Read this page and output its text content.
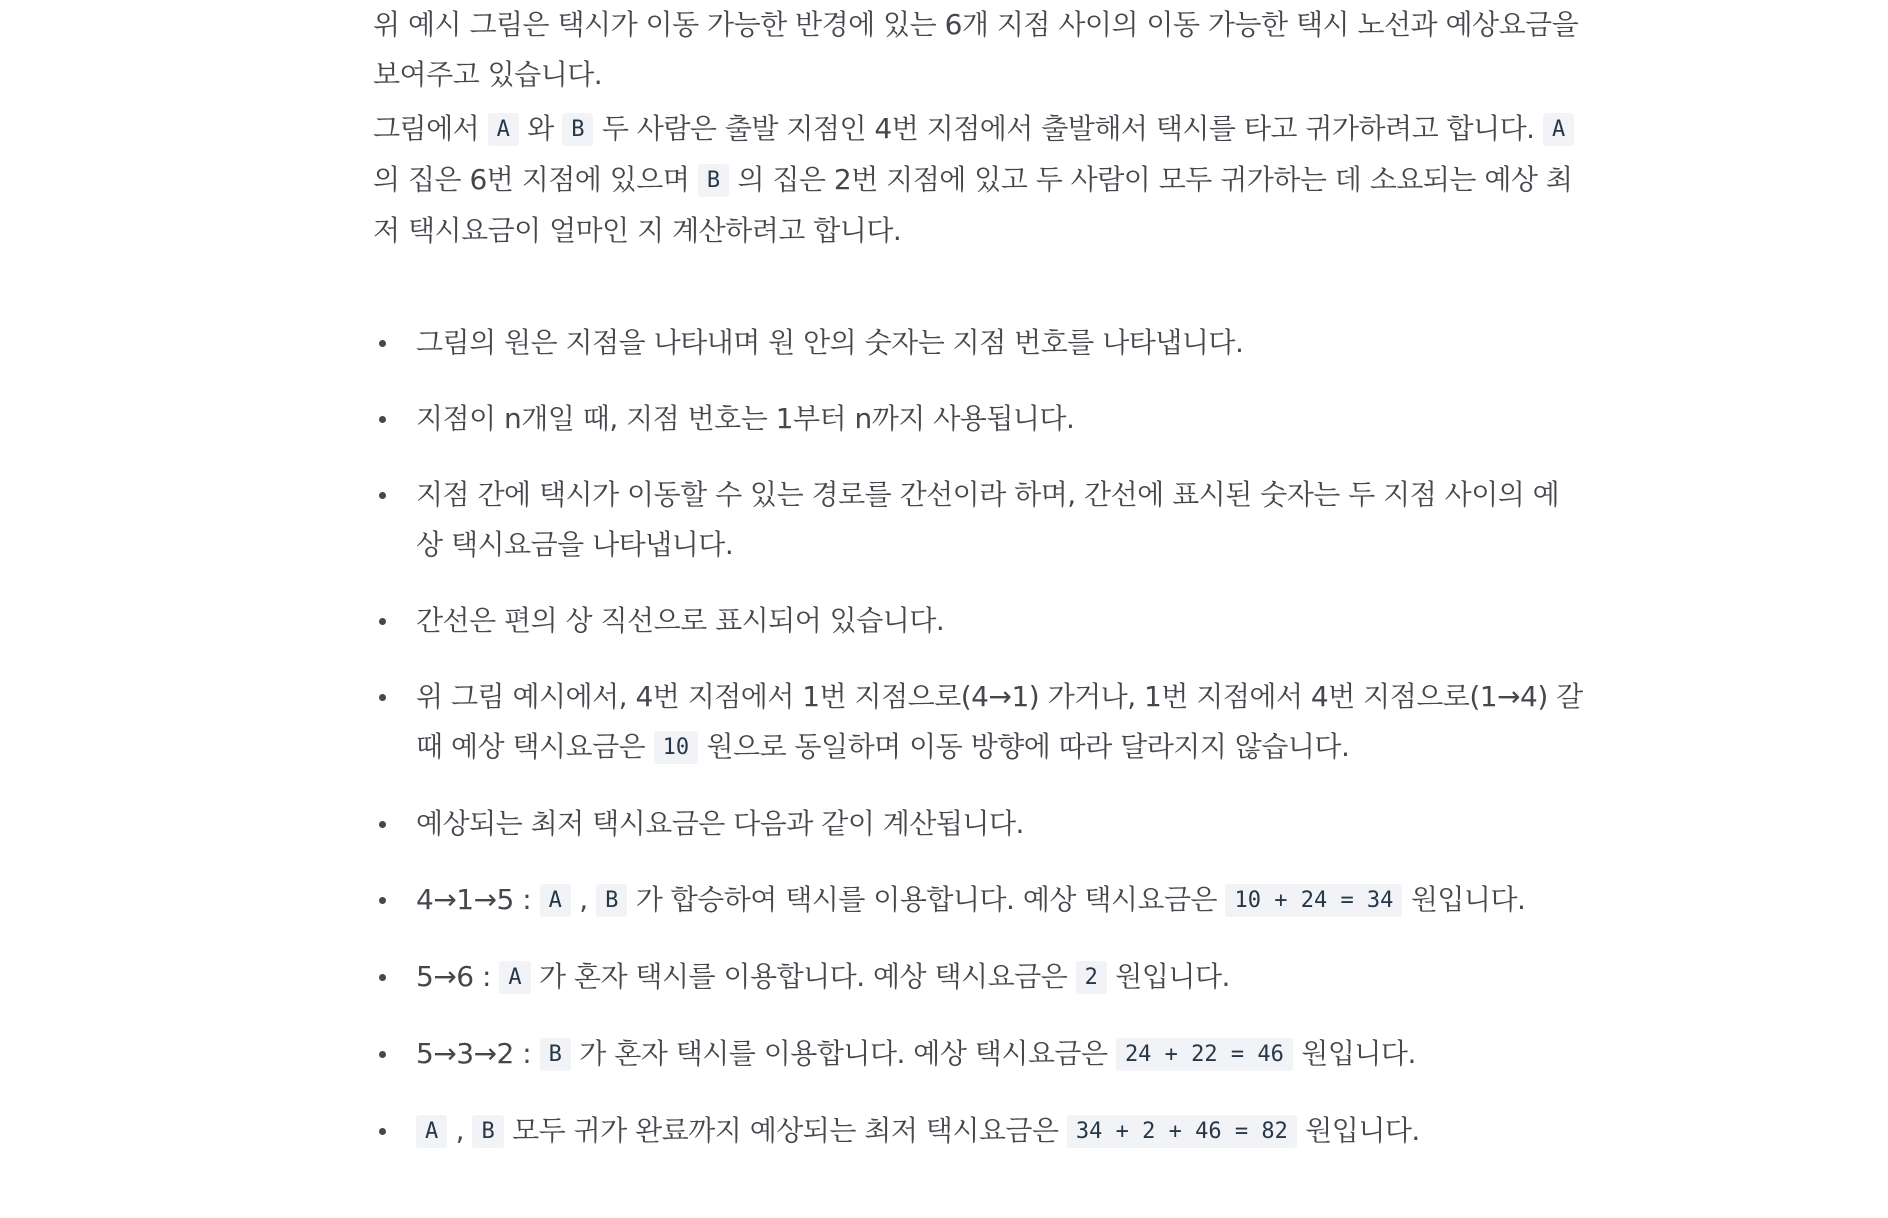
위 예시 그림은 택시가 이동 가능한 반경에 있는 6개 지점 사이의 이동 가능한 택시 노선과 예상요금을 보여주고 있습니다.

그림에서 A 와 B 두 사람은 출발 지점인 4번 지점에서 출발해서 택시를 타고 귀가하려고 합니다. A 의 집은 6번 지점에 있으며 B 의 집은 2번 지점에 있고 두 사람이 모두 귀가하는 데 소요되는 예상 최저 택시요금이 얼마인 지 계산하려고 합니다.

그림의 원은 지점을 나타내며 원 안의 숫자는 지점 번호를 나타냅니다.
지점이 n개일 때, 지점 번호는 1부터 n까지 사용됩니다.
지점 간에 택시가 이동할 수 있는 경로를 간선이라 하며, 간선에 표시된 숫자는 두 지점 사이의 예상 택시요금을 나타냅니다.
간선은 편의 상 직선으로 표시되어 있습니다.
위 그림 예시에서, 4번 지점에서 1번 지점으로(4→1) 가거나, 1번 지점에서 4번 지점으로(1→4) 갈 때 예상 택시요금은 10 원으로 동일하며 이동 방향에 따라 달라지지 않습니다.
예상되는 최저 택시요금은 다음과 같이 계산됩니다.
4→1→5 : A , B 가 합승하여 택시를 이용합니다. 예상 택시요금은 10 + 24 = 34 원입니다.
5→6 : A 가 혼자 택시를 이용합니다. 예상 택시요금은 2 원입니다.
5→3→2 : B 가 혼자 택시를 이용합니다. 예상 택시요금은 24 + 22 = 46 원입니다.
A , B 모두 귀가 완료까지 예상되는 최저 택시요금은 34 + 2 + 46 = 82 원입니다.
